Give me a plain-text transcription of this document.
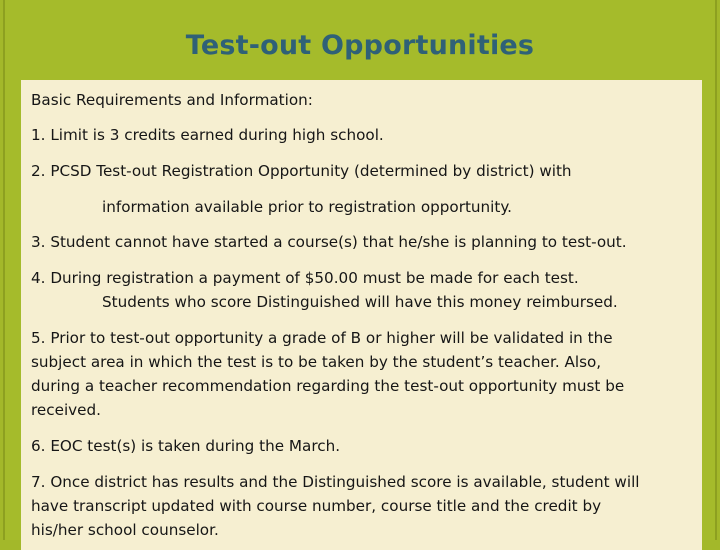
Test-out Opportunities
Basic Requirements and Information:
1. Limit is 3 credits earned during high school.
2. PCSD Test-out Registration Opportunity (determined by district) with
information available prior to registration opportunity.
3. Student cannot have started a course(s) that he/she is planning to test-out.
4. During registration a payment of $50.00 must be made for each test.
Students who score Distinguished will have this money reimbursed.
5. Prior to test-out opportunity a grade of B or higher will be validated in the
subject area in which the test is to be taken by the student’s teacher. Also,
during a teacher recommendation regarding the test-out opportunity must be
received.
6. EOC test(s) is taken during the March.
7. Once district has results and the Distinguished score is available, student will
have transcript updated with course number, course title and the credit by
his/her school counselor.
